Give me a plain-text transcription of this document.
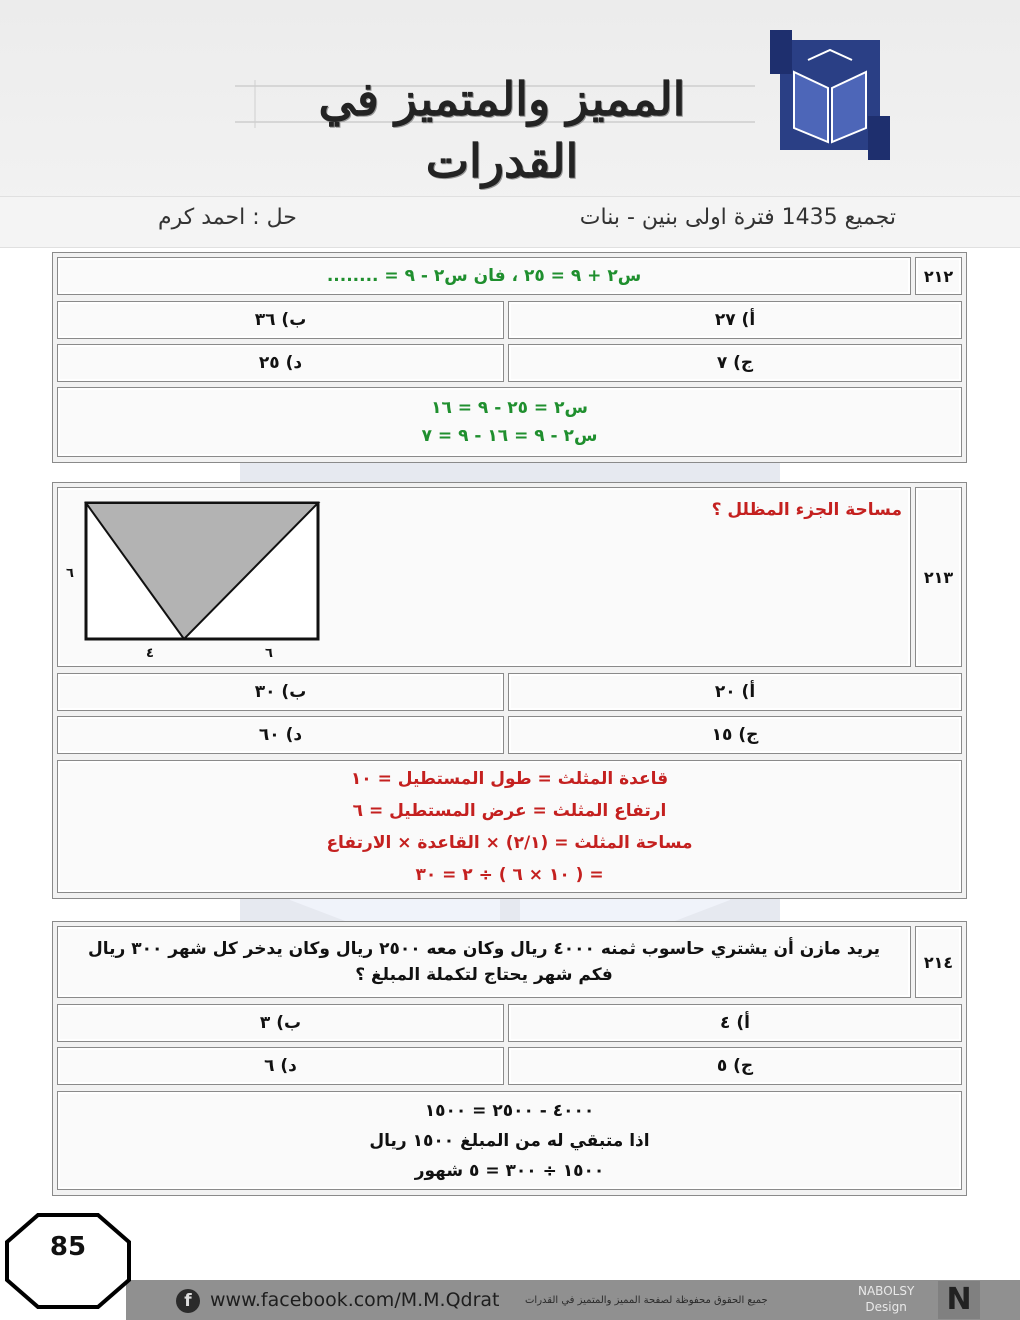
المميز والمتميز في القدرات
تجميع 1435 فترة اولى بنين - بنات
حل : احمد كرم
٢١٢
س٢ + ٩ = ٢٥ ، فان س٢ - ٩ = ........
أ) ٢٧
ب) ٣٦
ج) ٧
د) ٢٥
س٢ = ٢٥ - ٩ = ١٦
س٢ - ٩ = ١٦ - ٩ = ٧
٢١٣
مساحة الجزء المظلل ؟
٦
٤	٦
أ) ٢٠
ب) ٣٠
ج) ١٥
د) ٦٠
قاعدة المثلث = طول المستطيل = ١٠
ارتفاع المثلث = عرض المستطيل = ٦
مساحة المثلث = (٢/١) × القاعدة × الارتفاع
= ( ١٠ × ٦ ) ÷ ٢ = ٣٠
٢١٤
يريد مازن أن يشتري حاسوب ثمنه ٤٠٠٠ ريال وكان معه ٢٥٠٠ ريال وكان يدخر كل شهر ٣٠٠ ريال
فكم شهر يحتاج لتكملة المبلغ ؟
أ) ٤
ب) ٣
ج) ٥
د) ٦
٤٠٠٠ - ٢٥٠٠ = ١٥٠٠
اذا متبقي له من المبلغ ١٥٠٠ ريال
١٥٠٠ ÷ ٣٠٠ = ٥ شهور
85
f www.facebook.com/M.M.Qdrat	جميع الحقوق محفوظة لصفحة المميز والمتميز في القدرات
NABOLSY
Design N
